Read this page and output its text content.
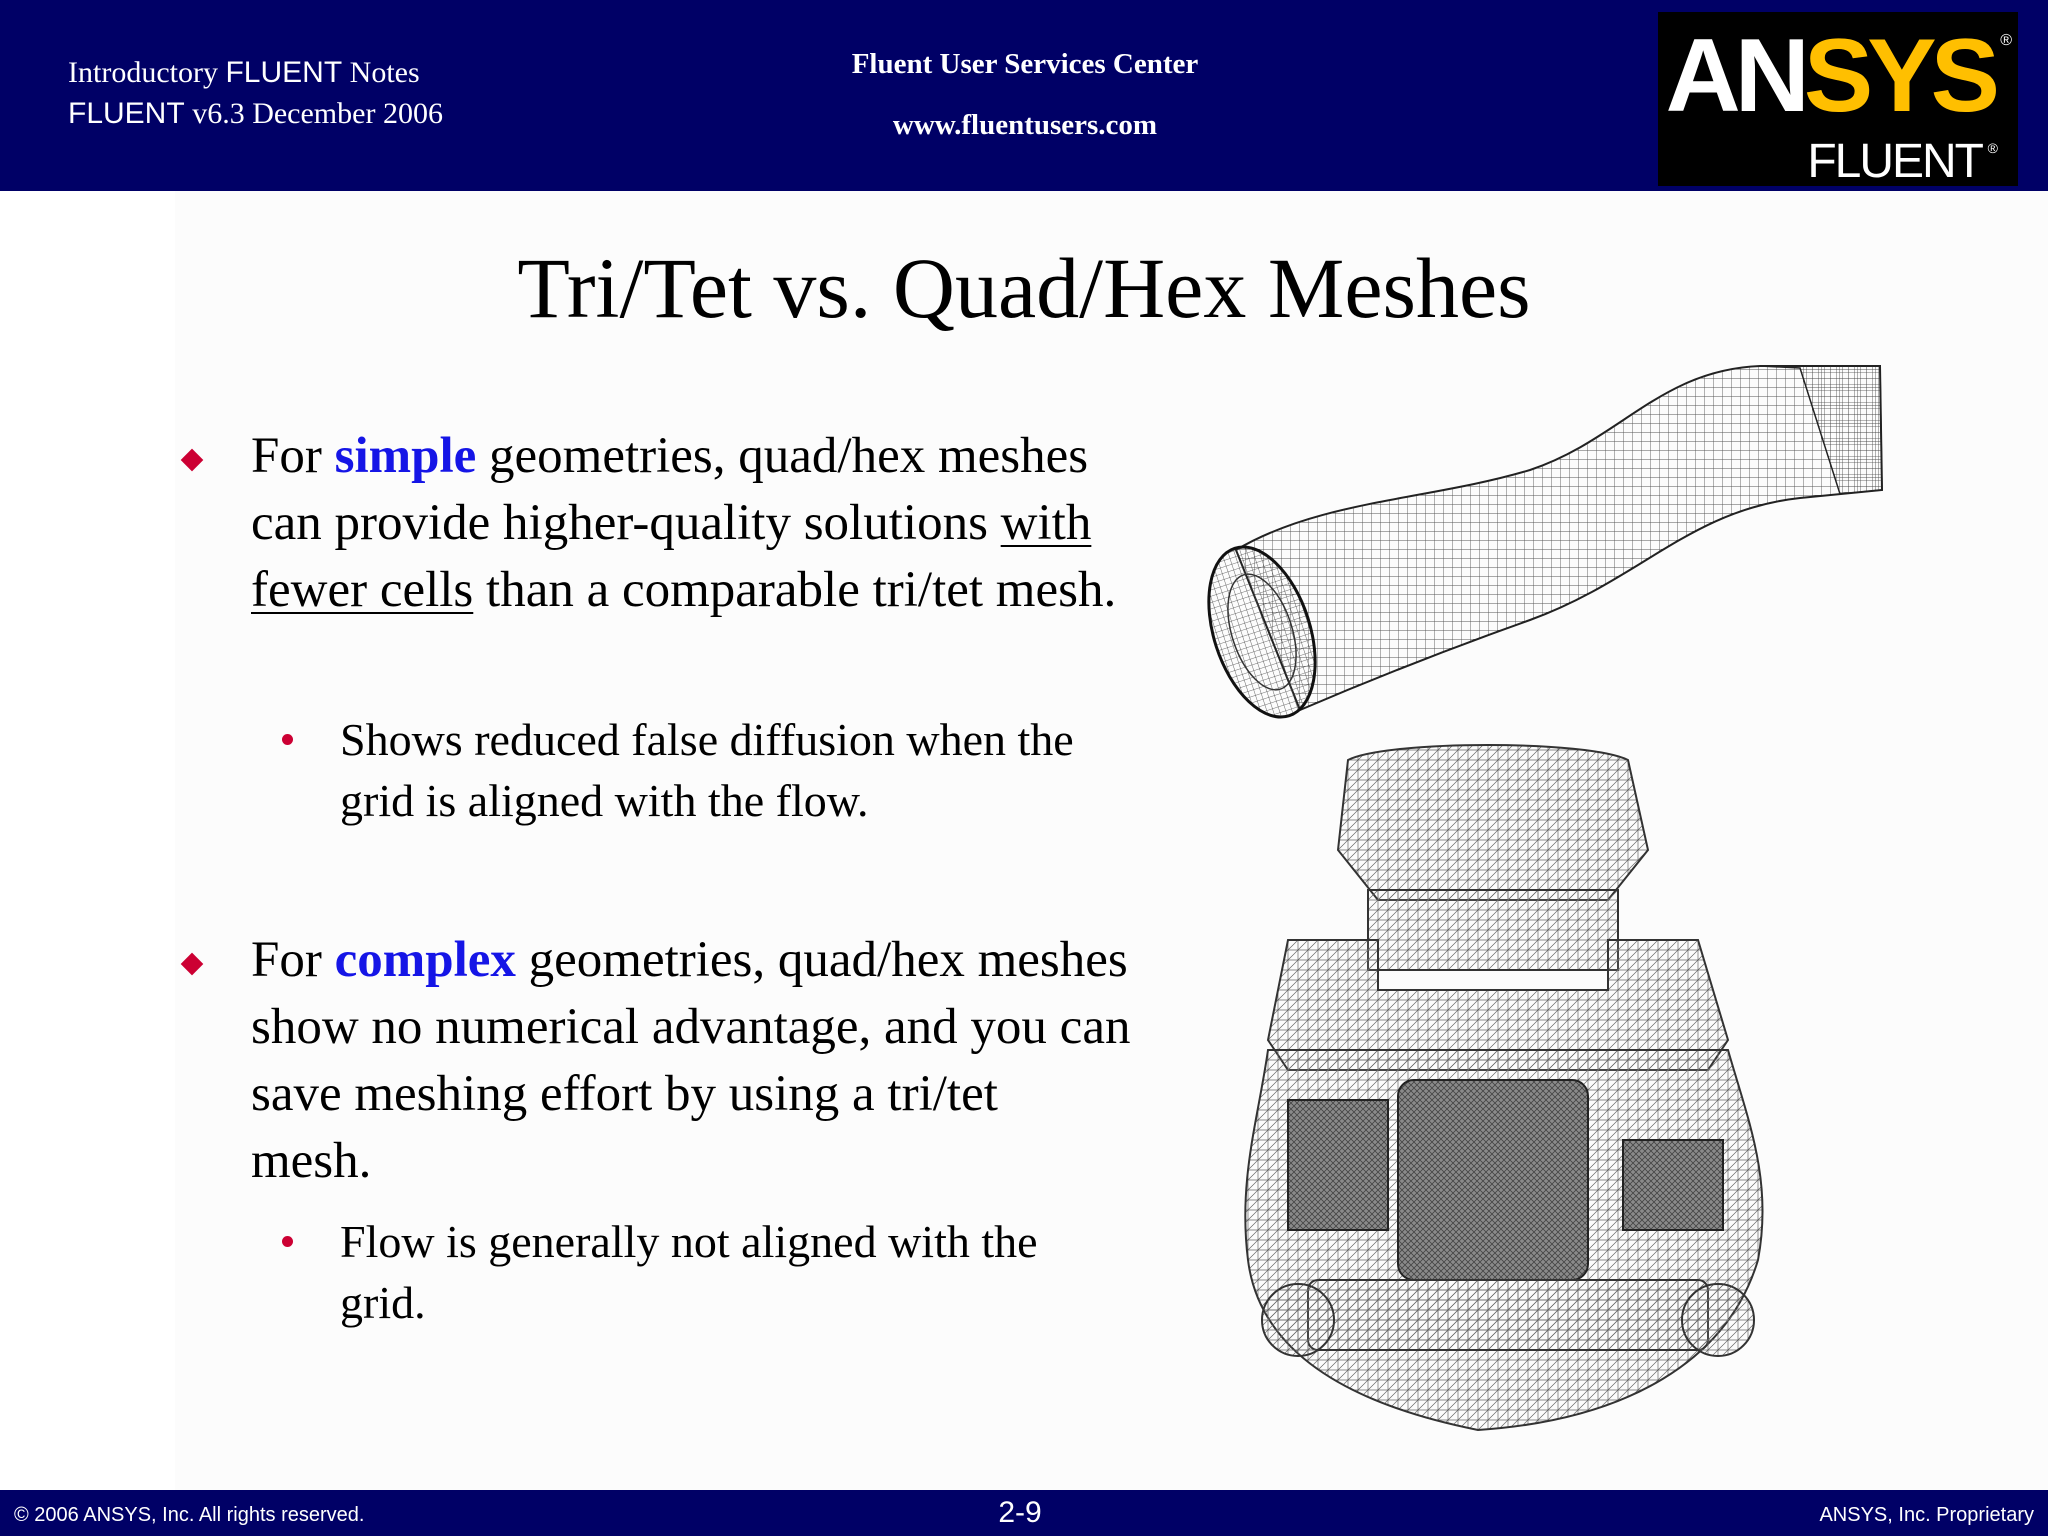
Introductory FLUENT Notes
FLUENT v6.3 December 2006
Fluent User Services Center
www.fluentusers.com	ANSYS ®
FLUENT ®
Tri/Tet vs. Quad/Hex Meshes
For simple geometries, quad/hex meshes can provide higher-quality solutions with fewer cells than a comparable tri/tet mesh.
Shows reduced false diffusion when the grid is aligned with the flow.
For complex geometries, quad/hex meshes show no numerical advantage, and you can save meshing effort by using a tri/tet mesh.
Flow is generally not aligned with the grid.
© 2006 ANSYS, Inc. All rights reserved.	2-9	ANSYS, Inc. Proprietary
